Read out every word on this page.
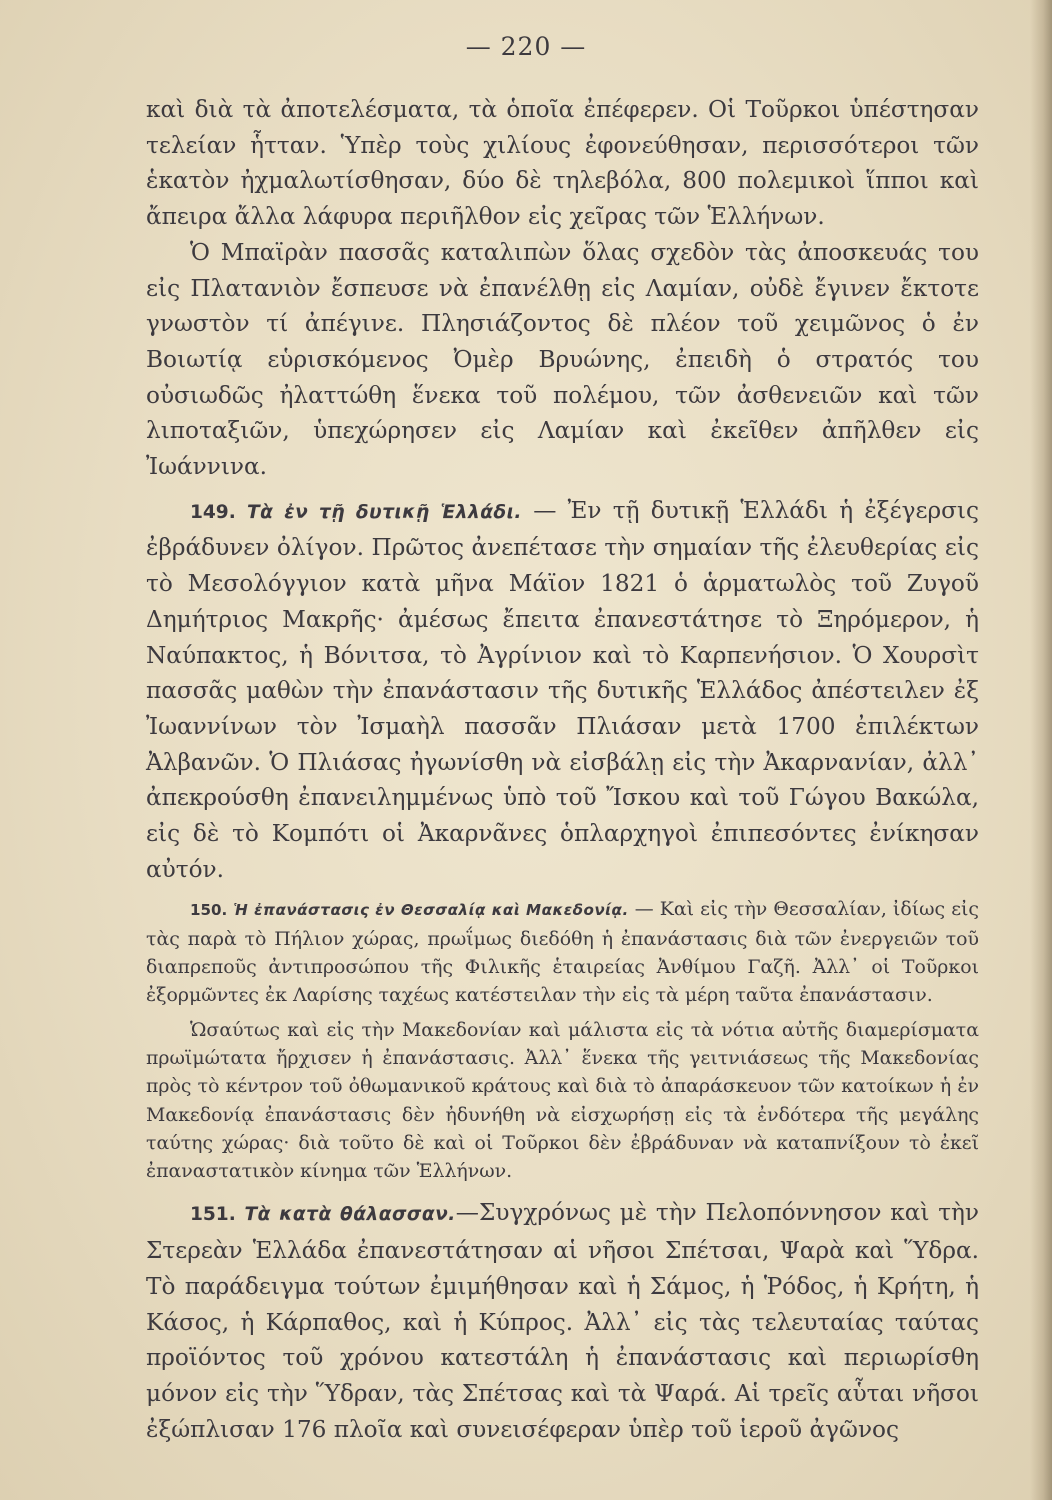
— 220 —

καὶ διὰ τὰ ἀποτελέσματα, τὰ ὁποῖα ἐπέφερεν. Οἱ Τοῦρκοι ὑπέστησαν τελείαν ἧτταν. Ὑπὲρ τοὺς χιλίους ἐφονεύθησαν, περισσότεροι τῶν ἑκατὸν ἠχμαλωτίσθησαν, δύο δὲ τηλεβόλα, 800 πολεμικοὶ ἵπποι καὶ ἄπειρα ἄλλα λάφυρα περιῆλθον εἰς χεῖρας τῶν Ἑλλήνων.

Ὁ Μπαϊρὰν πασσᾶς καταλιπὼν ὅλας σχεδὸν τὰς ἀποσκευάς του εἰς Πλατανιὸν ἔσπευσε νὰ ἐπανέλθῃ εἰς Λαμίαν, οὐδὲ ἔγινεν ἔκτοτε γνωστὸν τί ἀπέγινε. Πλησιάζοντος δὲ πλέον τοῦ χειμῶνος ὁ ἐν Βοιωτίᾳ εὑρισκόμενος Ὀμὲρ Βρυώνης, ἐπειδὴ ὁ στρατός του οὐσιωδῶς ἠλαττώθη ἕνεκα τοῦ πολέμου, τῶν ἀσθενειῶν καὶ τῶν λιποταξιῶν, ὑπεχώρησεν εἰς Λαμίαν καὶ ἐκεῖθεν ἀπῆλθεν εἰς Ἰωάννινα.

149. Τὰ ἐν τῇ δυτικῇ Ἑλλάδι. — Ἐν τῇ δυτικῇ Ἑλλάδι ἡ ἐξέγερσις ἐβράδυνεν ὀλίγον. Πρῶτος ἀνεπέτασε τὴν σημαίαν τῆς ἐλευθερίας εἰς τὸ Μεσολόγγιον κατὰ μῆνα Μάϊον 1821 ὁ ἁρματωλὸς τοῦ Ζυγοῦ Δημήτριος Μακρῆς· ἀμέσως ἔπειτα ἐπανεστάτησε τὸ Ξηρόμερον, ἡ Ναύπακτος, ἡ Βόνιτσα, τὸ Ἀγρίνιον καὶ τὸ Καρπενήσιον. Ὁ Χουρσὶτ πασσᾶς μαθὼν τὴν ἐπανάστασιν τῆς δυτικῆς Ἑλλάδος ἀπέστειλεν ἐξ Ἰωαννίνων τὸν Ἰσμαὴλ πασσᾶν Πλιάσαν μετὰ 1700 ἐπιλέκτων Ἀλβανῶν. Ὁ Πλιάσας ἠγωνίσθη νὰ εἰσβάλῃ εἰς τὴν Ἀκαρνανίαν, ἀλλ᾽ ἀπεκρούσθη ἐπανειλημμένως ὑπὸ τοῦ Ἴσκου καὶ τοῦ Γώγου Βακώλα, εἰς δὲ τὸ Κομπότι οἱ Ἀκαρνᾶνες ὁπλαρχηγοὶ ἐπιπεσόντες ἐνίκησαν αὐτόν.

150. Ἡ ἐπανάστασις ἐν Θεσσαλίᾳ καὶ Μακεδονίᾳ. — Καὶ εἰς τὴν Θεσσαλίαν, ἰδίως εἰς τὰς παρὰ τὸ Πήλιον χώρας, πρωΐμως διεδόθη ἡ ἐπανάστασις διὰ τῶν ἐνεργειῶν τοῦ διαπρεποῦς ἀντιπροσώπου τῆς Φιλικῆς ἑταιρείας Ἀνθίμου Γαζῆ. Ἀλλ᾽ οἱ Τοῦρκοι ἐξορμῶντες ἐκ Λαρίσης ταχέως κατέστειλαν τὴν εἰς τὰ μέρη ταῦτα ἐπανάστασιν.

Ὡσαύτως καὶ εἰς τὴν Μακεδονίαν καὶ μάλιστα εἰς τὰ νότια αὐτῆς διαμερίσματα πρωϊμώτατα ἤρχισεν ἡ ἐπανάστασις. Ἀλλ᾽ ἕνεκα τῆς γειτνιάσεως τῆς Μακεδονίας πρὸς τὸ κέντρον τοῦ ὀθωμανικοῦ κράτους καὶ διὰ τὸ ἀπαράσκευον τῶν κατοίκων ἡ ἐν Μακεδονίᾳ ἐπανάστασις δὲν ἠδυνήθη νὰ εἰσχωρήσῃ εἰς τὰ ἐνδότερα τῆς μεγάλης ταύτης χώρας· διὰ τοῦτο δὲ καὶ οἱ Τοῦρκοι δὲν ἐβράδυναν νὰ καταπνίξουν τὸ ἐκεῖ ἐπαναστατικὸν κίνημα τῶν Ἑλλήνων.

151. Τὰ κατὰ θάλασσαν.—Συγχρόνως μὲ τὴν Πελοπόννησον καὶ τὴν Στερεὰν Ἑλλάδα ἐπανεστάτησαν αἱ νῆσοι Σπέτσαι, Ψαρὰ καὶ Ὕδρα. Τὸ παράδειγμα τούτων ἐμιμήθησαν καὶ ἡ Σάμος, ἡ Ῥόδος, ἡ Κρήτη, ἡ Κάσος, ἡ Κάρπαθος, καὶ ἡ Κύπρος. Ἀλλ᾽ εἰς τὰς τελευταίας ταύτας προϊόντος τοῦ χρόνου κατεστάλη ἡ ἐπανάστασις καὶ περιωρίσθη μόνον εἰς τὴν Ὕδραν, τὰς Σπέτσας καὶ τὰ Ψαρά. Αἱ τρεῖς αὗται νῆσοι ἐξώπλισαν 176 πλοῖα καὶ συνεισέφεραν ὑπὲρ τοῦ ἱεροῦ ἀγῶνος
